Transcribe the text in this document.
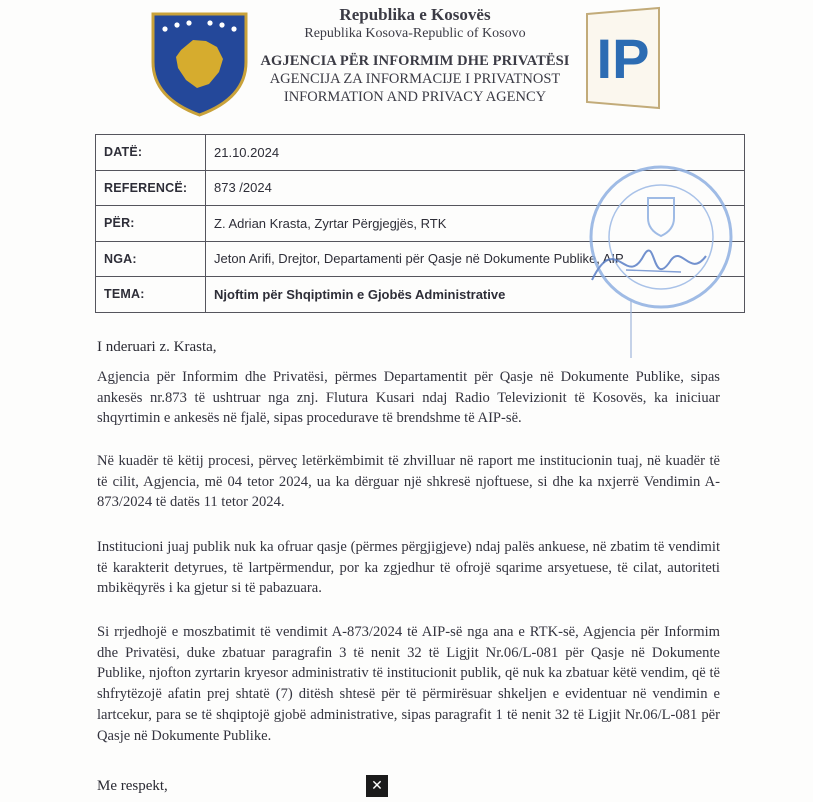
Republika e Kosovës
Republika Kosova-Republic of Kosovo
AGJENCIA PËR INFORMIM DHE PRIVATËSI
AGENCIJA ZA INFORMACIJE I PRIVATNOST
INFORMATION AND PRIVACY AGENCY
IP
DATË:	21.10.2024
REFERENCË:	873 /2024
PËR:	Z. Adrian Krasta, Zyrtar Përgjegjës, RTK
NGA:	Jeton Arifi, Drejtor, Departamenti për Qasje në Dokumente Publike, AIP
TEMA:	Njoftim për Shqiptimin e Gjobës Administrative
I nderuari z. Krasta,

Agjencia për Informim dhe Privatësi, përmes Departamentit për Qasje në Dokumente Publike, sipas ankesës nr.873 të ushtruar nga znj. Flutura Kusari ndaj Radio Televizionit të Kosovës, ka iniciuar shqyrtimin e ankesës në fjalë, sipas procedurave të brendshme të AIP-së.

Në kuadër të këtij procesi, përveç letërkëmbimit të zhvilluar në raport me institucionin tuaj, në kuadër të të cilit, Agjencia, më 04 tetor 2024, ua ka dërguar një shkresë njoftuese, si dhe ka nxjerrë Vendimin A-873/2024 të datës 11 tetor 2024.

Institucioni juaj publik nuk ka ofruar qasje (përmes përgjigjeve) ndaj palës ankuese, në zbatim të vendimit të karakterit detyrues, të lartpërmendur, por ka zgjedhur të ofrojë sqarime arsyetuese, të cilat, autoriteti mbikëqyrës i ka gjetur si të pabazuara.

Si rrjedhojë e moszbatimit të vendimit A-873/2024 të AIP-së nga ana e RTK-së, Agjencia për Informim dhe Privatësi, duke zbatuar paragrafin 3 të nenit 32 të Ligjit Nr.06/L-081 për Qasje në Dokumente Publike, njofton zyrtarin kryesor administrativ të institucionit publik, që nuk ka zbatuar këtë vendim, që të shfrytëzojë afatin prej shtatë (7) ditësh shtesë për të përmirësuar shkeljen e evidentuar në vendimin e lartcekur, para se të shqiptojë gjobë administrative, sipas paragrafit 1 të nenit 32 të Ligjit Nr.06/L-081 për Qasje në Dokumente Publike.

Me respekt,	✕
